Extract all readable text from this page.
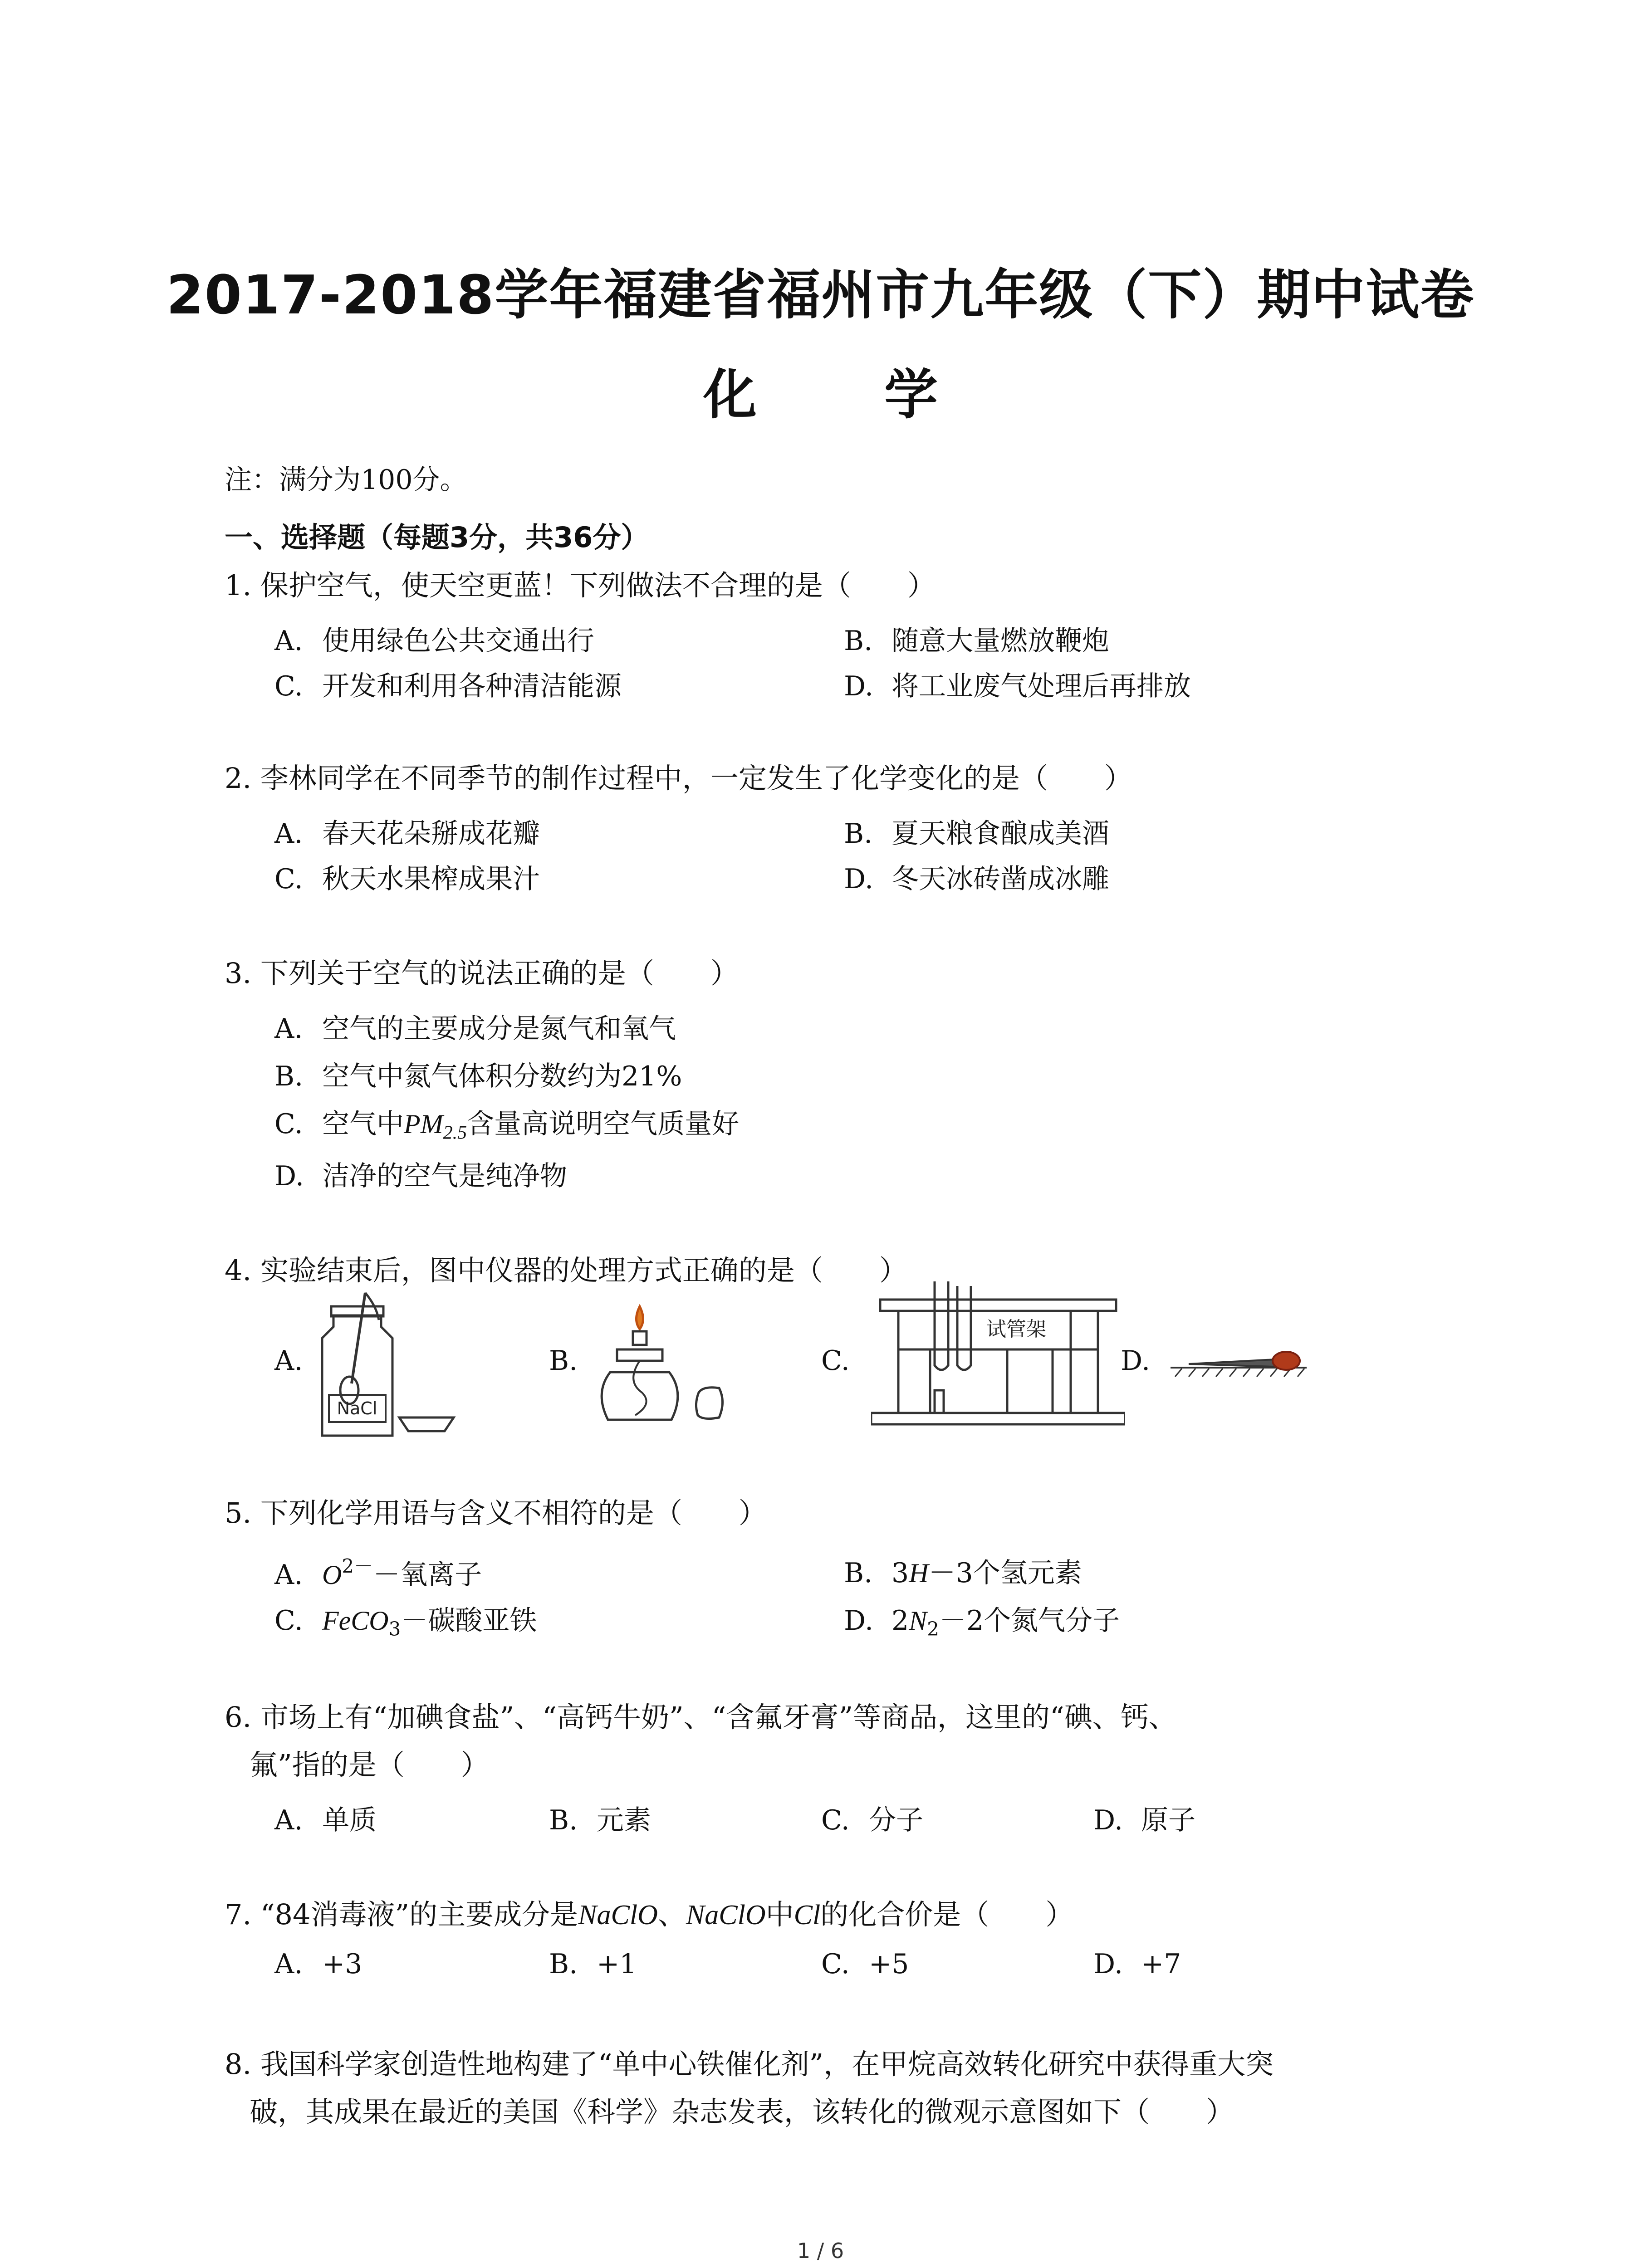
2017-2018学年福建省福州市九年级（下）期中试卷
化 学
注：满分为100分。
一、选择题（每题3分，共36分）
1. 保护空气，使天空更蓝！下列做法不合理的是（　　）
A. 使用绿色公共交通出行	B. 随意大量燃放鞭炮
C. 开发和利用各种清洁能源	D. 将工业废气处理后再排放
2. 李林同学在不同季节的制作过程中，一定发生了化学变化的是（　　）
A. 春天花朵掰成花瓣	B. 夏天粮食酿成美酒
C. 秋天水果榨成果汁	D. 冬天冰砖凿成冰雕
3. 下列关于空气的说法正确的是（　　）
A. 空气的主要成分是氮气和氧气
B. 空气中氮气体积分数约为21%
C. 空气中$PM_{2.5}$含量高说明空气质量好
D. 洁净的空气是纯净物
4. 实验结束后，图中仪器的处理方式正确的是（　　）
A.
NaCl
B.	C.
试管架
D.
5. 下列化学用语与含义不相符的是（　　）
A. $O^{2-}-$氧离子	B. 3H－3个氢元素
C. FeCO$_3$－碳酸亚铁	D. $2N_2-2$个氮气分子
6. 市场上有“加碘食盐”、“高钙牛奶”、“含氟牙膏”等商品，这里的“碘、钙、
氟”指的是（　　）
A. 单质	B. 元素	C. 分子	D. 原子
7. “84消毒液”的主要成分是NaClO、NaClO中Cl的化合价是（　　）
A. +3	B. +1	C. +5	D. +7
8. 我国科学家创造性地构建了“单中心铁催化剂”，在甲烷高效转化研究中获得重大突
破，其成果在最近的美国《科学》杂志发表，该转化的微观示意图如下（　　）
1 / 6
